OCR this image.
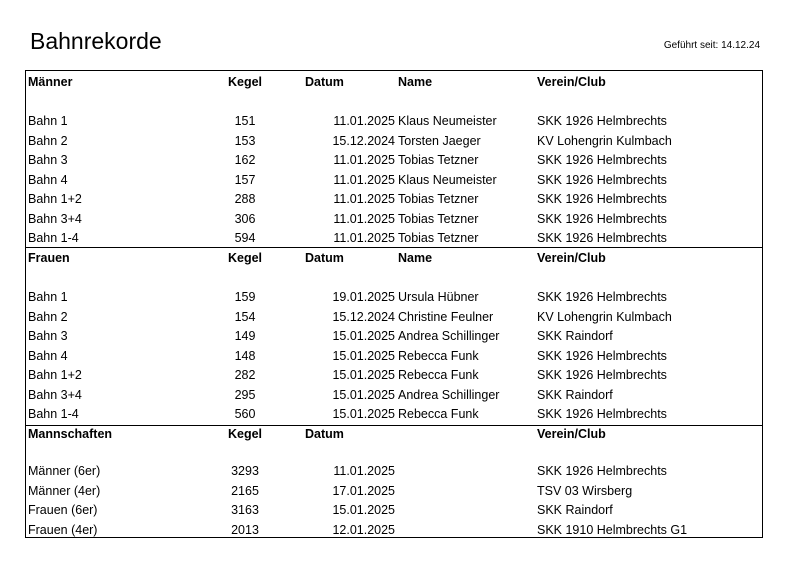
Bahnrekorde	Geführt seit: 14.12.24
Männer	Kegel	Datum	Name	Verein/Club
Bahn 1	151	11.01.2025 Klaus Neumeister	SKK 1926 Helmbrechts
Bahn 2	153	15.12.2024 Torsten Jaeger	KV Lohengrin Kulmbach
Bahn 3	162	11.01.2025 Tobias Tetzner	SKK 1926 Helmbrechts
Bahn 4	157	11.01.2025 Klaus Neumeister	SKK 1926 Helmbrechts
Bahn 1+2	288	11.01.2025 Tobias Tetzner	SKK 1926 Helmbrechts
Bahn 3+4	306	11.01.2025 Tobias Tetzner	SKK 1926 Helmbrechts
Bahn 1-4	594	11.01.2025 Tobias Tetzner	SKK 1926 Helmbrechts
Frauen	Kegel	Datum	Name	Verein/Club
Bahn 1	159	19.01.2025 Ursula Hübner	SKK 1926 Helmbrechts
Bahn 2	154	15.12.2024 Christine Feulner	KV Lohengrin Kulmbach
Bahn 3	149	15.01.2025 Andrea Schillinger	SKK Raindorf
Bahn 4	148	15.01.2025 Rebecca Funk	SKK 1926 Helmbrechts
Bahn 1+2	282	15.01.2025 Rebecca Funk	SKK 1926 Helmbrechts
Bahn 3+4	295	15.01.2025 Andrea Schillinger	SKK Raindorf
Bahn 1-4	560	15.01.2025 Rebecca Funk	SKK 1926 Helmbrechts
Mannschaften	Kegel	Datum	Verein/Club
Männer (6er)	3293	11.01.2025	SKK 1926 Helmbrechts
Männer (4er)	2165	17.01.2025	TSV 03 Wirsberg
Frauen (6er)	3163	15.01.2025	SKK Raindorf
Frauen (4er)	2013	12.01.2025	SKK 1910 Helmbrechts G1
